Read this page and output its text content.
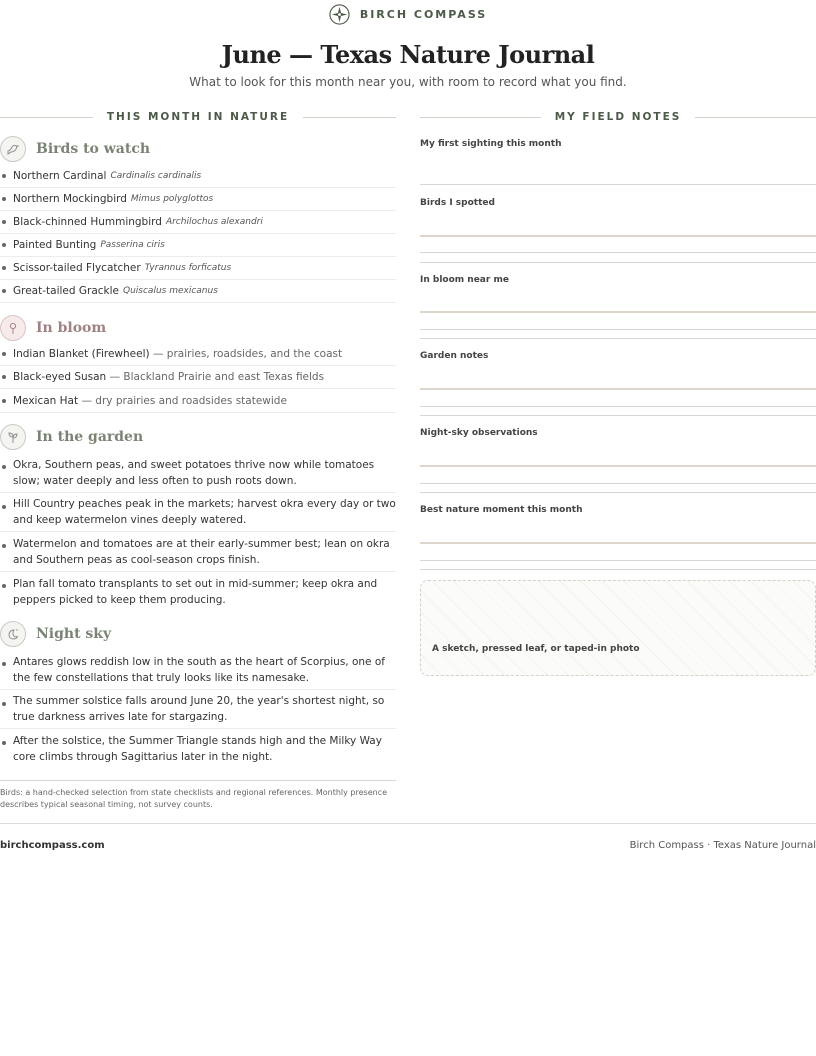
BIRCH COMPASS
June — Texas Nature Journal
What to look for this month near you, with room to record what you find.
THIS MONTH IN NATURE
Birds to watch
Northern Cardinal Cardinalis cardinalis
Northern Mockingbird Mimus polyglottos
Black-chinned Hummingbird Archilochus alexandri
Painted Bunting Passerina ciris
Scissor-tailed Flycatcher Tyrannus forficatus
Great-tailed Grackle Quiscalus mexicanus
In bloom
Indian Blanket (Firewheel)
— prairies, roadsides, and the coast
Black-eyed Susan
— Blackland Prairie and east Texas fields
Mexican Hat
— dry prairies and roadsides statewide
In the garden
Okra, Southern peas, and sweet potatoes thrive now while tomatoes slow; water deeply and less often to push roots down.
Hill Country peaches peak in the markets; harvest okra every day or two and keep watermelon vines deeply watered.
Watermelon and tomatoes are at their early-summer best; lean on okra and Southern peas as cool-season crops finish.
Plan fall tomato transplants to set out in mid-summer; keep okra and peppers picked to keep them producing.
Night sky
Antares glows reddish low in the south as the heart of Scorpius, one of the few constellations that truly looks like its namesake.
The summer solstice falls around June 20, the year's shortest night, so true darkness arrives late for stargazing.
After the solstice, the Summer Triangle stands high and the Milky Way core climbs through Sagittarius later in the night.
Birds: a hand-checked selection from state checklists and regional references. Monthly presence describes typical seasonal timing, not survey counts.
MY FIELD NOTES
My first sighting this month
Birds I spotted
In bloom near me
Garden notes
Night-sky observations
Best nature moment this month
A sketch, pressed leaf, or taped-in photo
birchcompass.com	Birch Compass · Texas Nature Journal
